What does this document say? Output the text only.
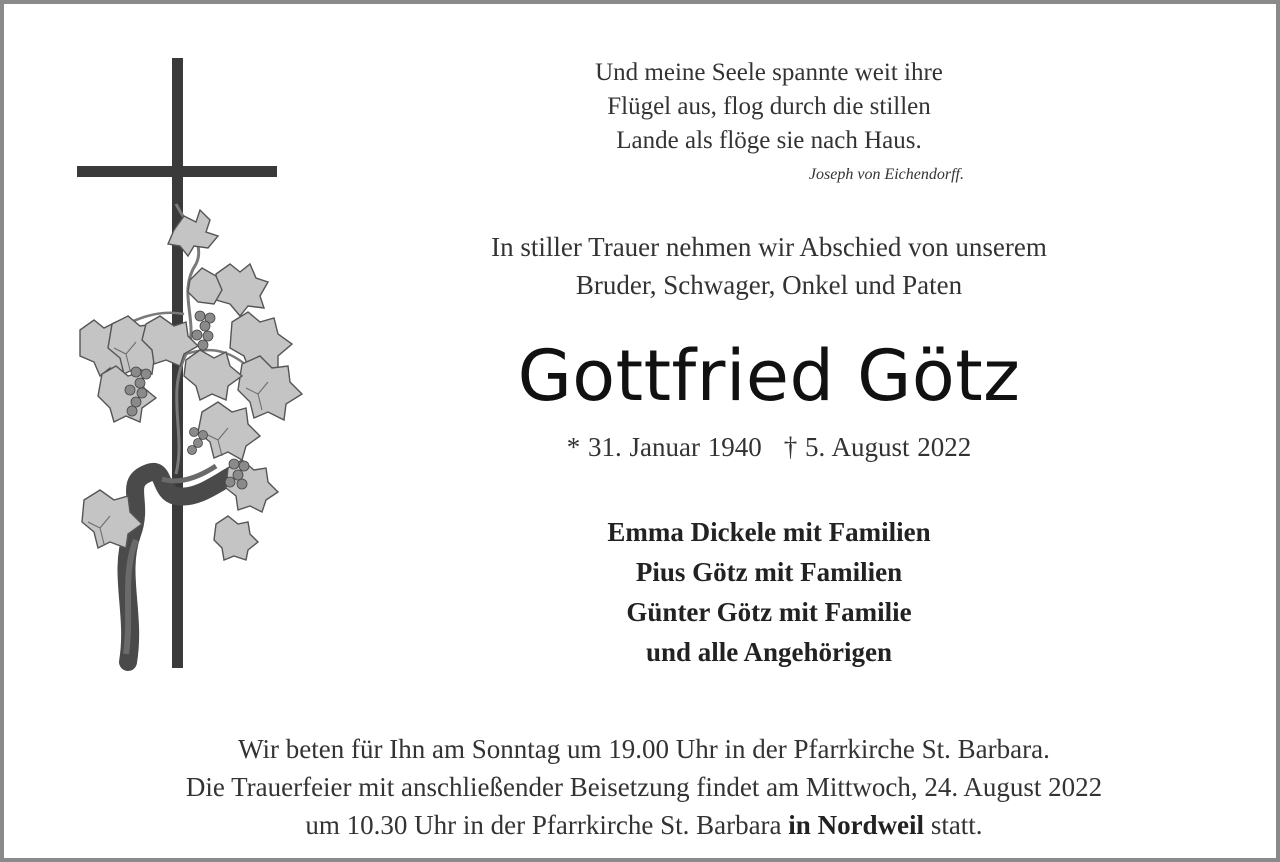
Und meine Seele spannte weit ihre
Flügel aus, flog durch die stillen
Lande als flöge sie nach Haus.
Joseph von Eichendorff.
In stiller Trauer nehmen wir Abschied von unserem
Bruder, Schwager, Onkel und Paten
Gottfried Götz
* 31. Januar 1940 † 5. August 2022
Emma Dickele mit Familien
Pius Götz mit Familien
Günter Götz mit Familie
und alle Angehörigen
Wir beten für Ihn am Sonntag um 19.00 Uhr in der Pfarrkirche St. Barbara.
Die Trauerfeier mit anschließender Beisetzung findet am Mittwoch, 24. August 2022
um 10.30 Uhr in der Pfarrkirche St. Barbara in Nordweil statt.
